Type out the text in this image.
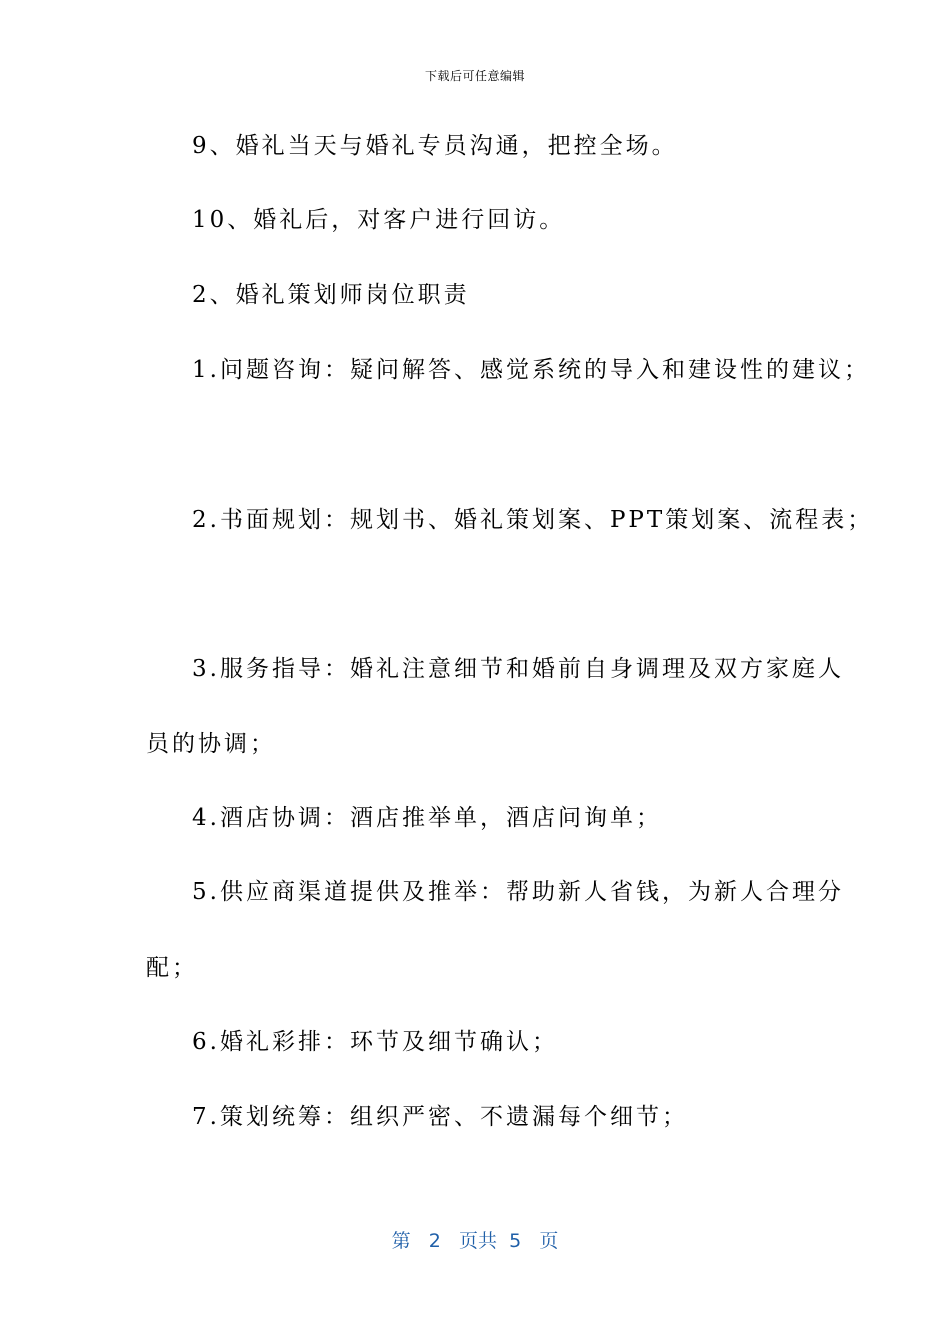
下载后可任意编辑
9、婚礼当天与婚礼专员沟通，把控全场。
10、婚礼后，对客户进行回访。
2、婚礼策划师岗位职责
1.问题咨询：疑问解答、感觉系统的导入和建设性的建议；
2.书面规划：规划书、婚礼策划案、PPT策划案、流程表；
3.服务指导：婚礼注意细节和婚前自身调理及双方家庭人
员的协调；
4.酒店协调：酒店推举单，酒店问询单；
5.供应商渠道提供及推举：帮助新人省钱，为新人合理分
配；
6.婚礼彩排：环节及细节确认；
7.策划统筹：组织严密、不遗漏每个细节；
第 2 页共 5 页
